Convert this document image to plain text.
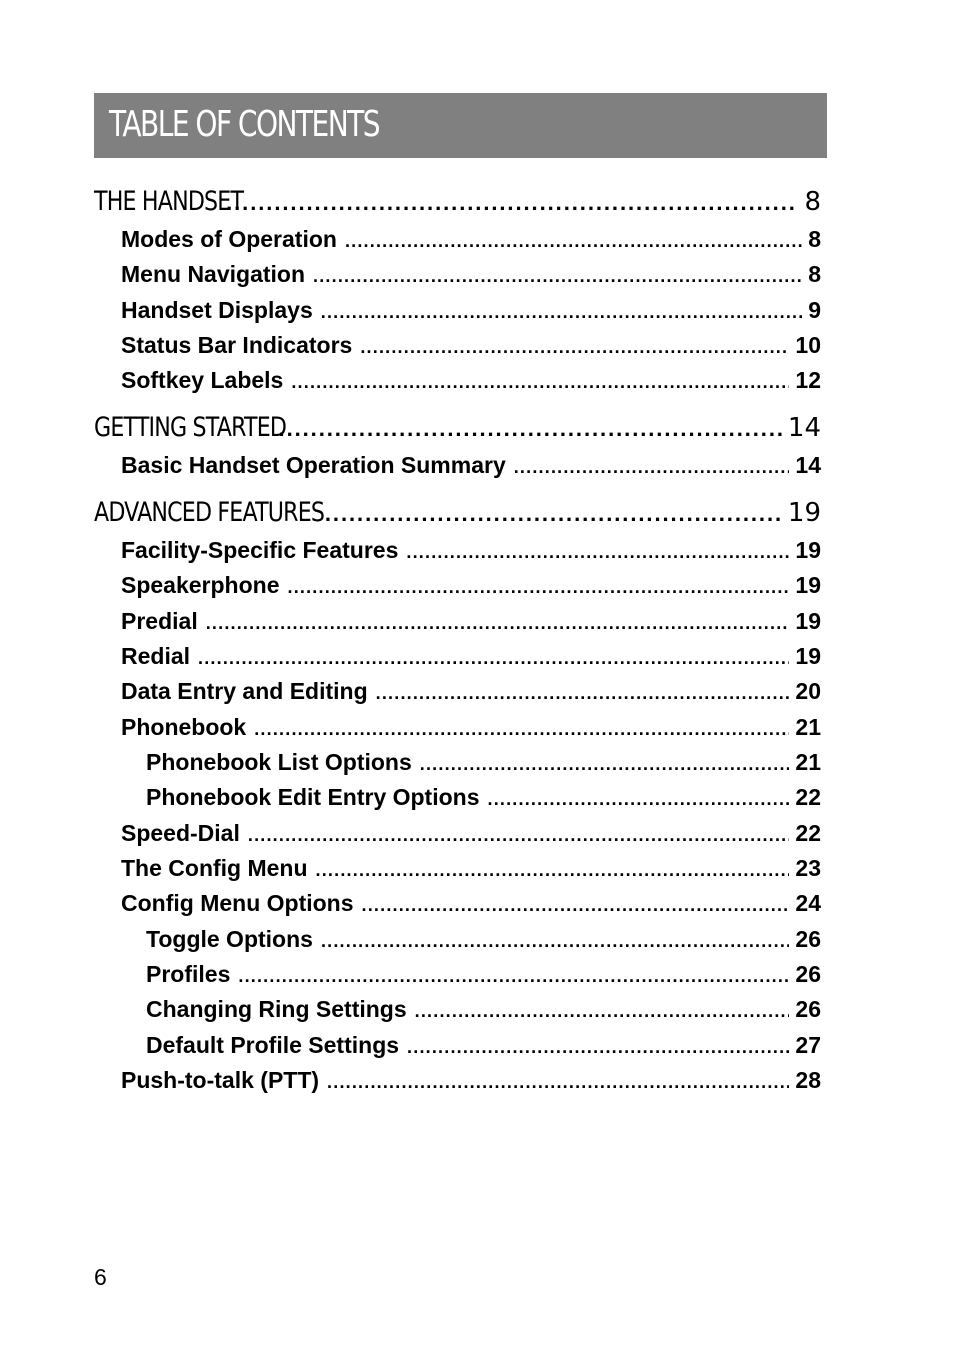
TABLE OF CONTENTS
THE HANDSET .....	8
Modes of Operation .....	8
Menu Navigation .....	8
Handset Displays .....	9
Status Bar Indicators .....	10
Softkey Labels .....	12
GETTING STARTED .....	14
Basic Handset Operation Summary .....	14
ADVANCED FEATURES .....	19
Facility-Specific Features .....	19
Speakerphone .....	19
Predial .....	19
Redial .....	19
Data Entry and Editing .....	20
Phonebook .....	21
Phonebook List Options .....	21
Phonebook Edit Entry Options .....	22
Speed-Dial .....	22
The Config Menu .....	23
Config Menu Options .....	24
Toggle Options .....	26
Profiles .....	26
Changing Ring Settings .....	26
Default Profile Settings .....	27
Push-to-talk (PTT) .....	28
6
